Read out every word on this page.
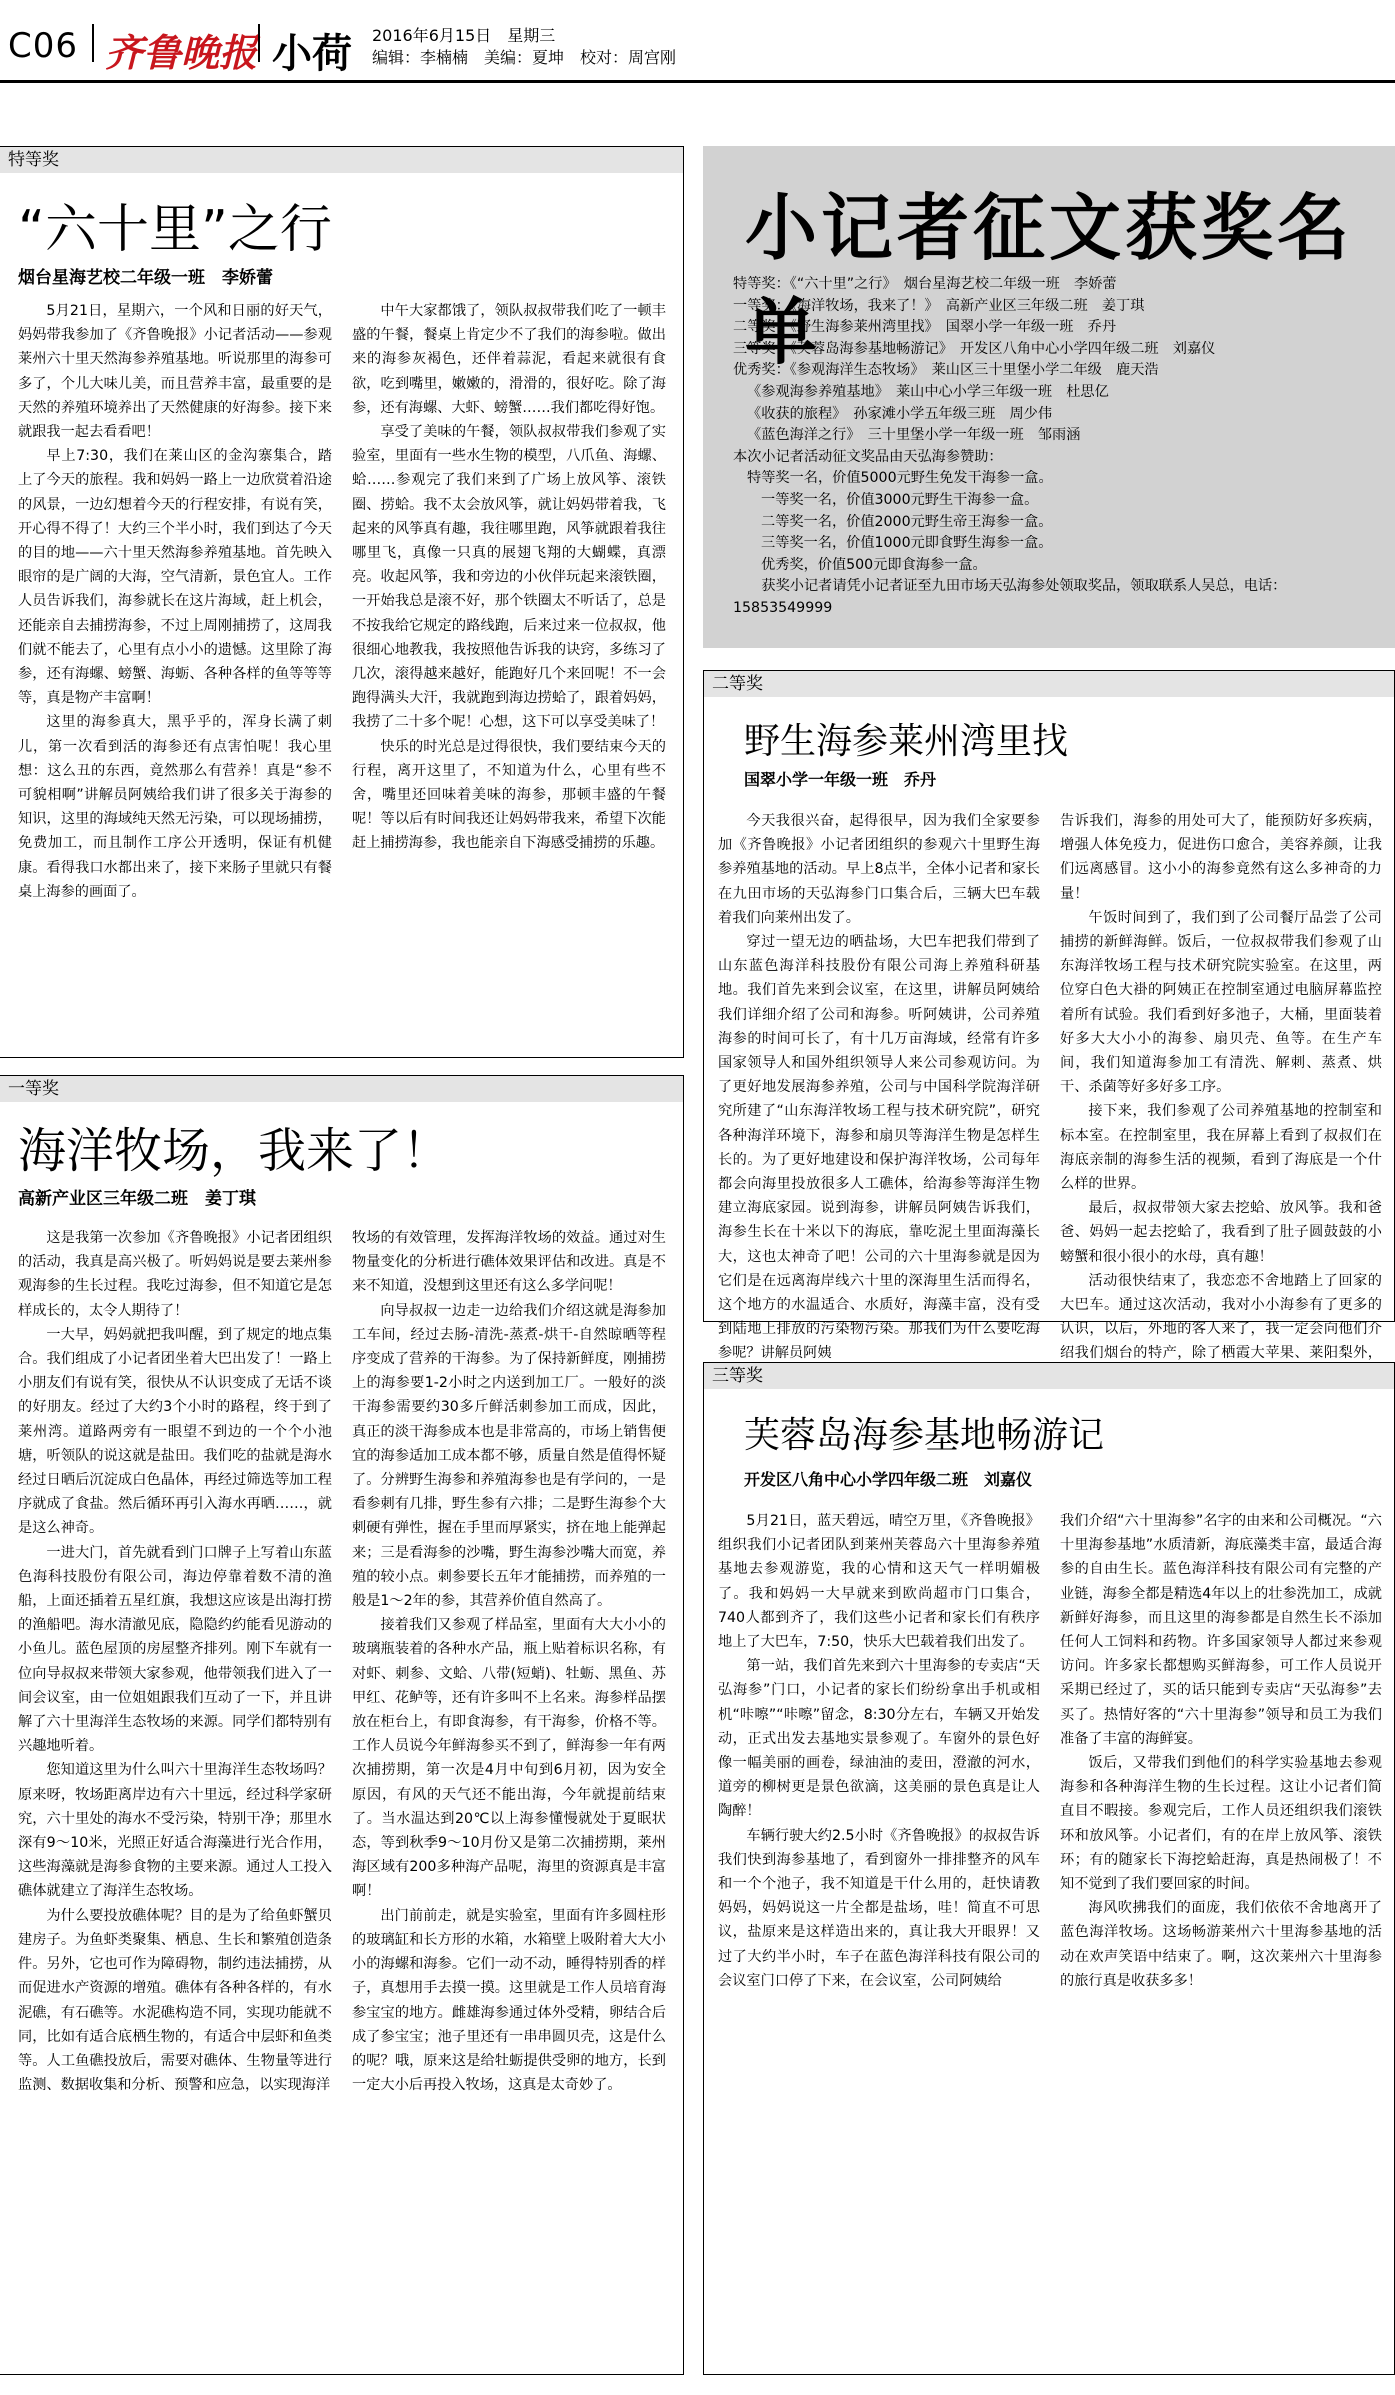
C06 齐鲁晚报 小荷 2016年6月15日　星期三
编辑：李楠楠　美编：夏坤　校对：周宫刚
特等奖
“六十里”之行
烟台星海艺校二年级一班　李娇蕾

5月21日，星期六，一个风和日丽的好天气，妈妈带我参加了《齐鲁晚报》小记者活动——参观莱州六十里天然海参养殖基地。听说那里的海参可多了，个儿大味儿美，而且营养丰富，最重要的是天然的养殖环境养出了天然健康的好海参。接下来就跟我一起去看看吧！

早上7:30，我们在莱山区的金沟寨集合，踏上了今天的旅程。我和妈妈一路上一边欣赏着沿途的风景，一边幻想着今天的行程安排，有说有笑，开心得不得了！大约三个半小时，我们到达了今天的目的地——六十里天然海参养殖基地。首先映入眼帘的是广阔的大海，空气清新，景色宜人。工作人员告诉我们，海参就长在这片海域，赶上机会，还能亲自去捕捞海参，不过上周刚捕捞了，这周我们就不能去了，心里有点小小的遗憾。这里除了海参，还有海螺、螃蟹、海蛎、各种各样的鱼等等等等，真是物产丰富啊！

这里的海参真大，黑乎乎的，浑身长满了刺儿，第一次看到活的海参还有点害怕呢！我心里想：这么丑的东西，竟然那么有营养！真是“参不可貌相啊”讲解员阿姨给我们讲了很多关于海参的知识，这里的海域纯天然无污染，可以现场捕捞，免费加工，而且制作工序公开透明，保证有机健康。看得我口水都出来了，接下来肠子里就只有餐桌上海参的画面了。

中午大家都饿了，领队叔叔带我们吃了一顿丰盛的午餐，餐桌上肯定少不了我们的海参啦。做出来的海参灰褐色，还伴着蒜泥，看起来就很有食欲，吃到嘴里，嫩嫩的，滑滑的，很好吃。除了海参，还有海螺、大虾、螃蟹……我们都吃得好饱。

享受了美味的午餐，领队叔叔带我们参观了实验室，里面有一些水生物的模型，八爪鱼、海螺、蛤……参观完了我们来到了广场上放风筝、滚铁圈、捞蛤。我不太会放风筝，就让妈妈带着我，飞起来的风筝真有趣，我往哪里跑，风筝就跟着我往哪里飞，真像一只真的展翅飞翔的大蝴蝶，真漂亮。收起风筝，我和旁边的小伙伴玩起来滚铁圈，一开始我总是滚不好，那个铁圈太不听话了，总是不按我给它规定的路线跑，后来过来一位叔叔，他很细心地教我，我按照他告诉我的诀窍，多练习了几次，滚得越来越好，能跑好几个来回呢！不一会跑得满头大汗，我就跑到海边捞蛤了，跟着妈妈，我捞了二十多个呢！心想，这下可以享受美味了！

快乐的时光总是过得很快，我们要结束今天的行程，离开这里了，不知道为什么，心里有些不舍，嘴里还回味着美味的海参，那顿丰盛的午餐呢！等以后有时间我还让妈妈带我来，希望下次能赶上捕捞海参，我也能亲自下海感受捕捞的乐趣。

一等奖
海洋牧场，我来了！
高新产业区三年级二班　姜丁琪

这是我第一次参加《齐鲁晚报》小记者团组织的活动，我真是高兴极了。听妈妈说是要去莱州参观海参的生长过程。我吃过海参，但不知道它是怎样成长的，太令人期待了！

一大早，妈妈就把我叫醒，到了规定的地点集合。我们组成了小记者团坐着大巴出发了！一路上小朋友们有说有笑，很快从不认识变成了无话不谈的好朋友。经过了大约3个小时的路程，终于到了莱州湾。道路两旁有一眼望不到边的一个个小池塘，听领队的说这就是盐田。我们吃的盐就是海水经过日晒后沉淀成白色晶体，再经过筛选等加工程序就成了食盐。然后循环再引入海水再晒……，就是这么神奇。

一进大门，首先就看到门口牌子上写着山东蓝色海科技股份有限公司，海边停靠着数不清的渔船，上面还插着五星红旗，我想这应该是出海打捞的渔船吧。海水清澈见底，隐隐约约能看见游动的小鱼儿。蓝色屋顶的房屋整齐排列。刚下车就有一位向导叔叔来带领大家参观，他带领我们进入了一间会议室，由一位姐姐跟我们互动了一下，并且讲解了六十里海洋生态牧场的来源。同学们都特别有兴趣地听着。

您知道这里为什么叫六十里海洋生态牧场吗？原来呀，牧场距离岸边有六十里远，经过科学家研究，六十里处的海水不受污染，特别干净；那里水深有9～10米，光照正好适合海藻进行光合作用，这些海藻就是海参食物的主要来源。通过人工投入礁体就建立了海洋生态牧场。

为什么要投放礁体呢？目的是为了给鱼虾蟹贝建房子。为鱼虾类聚集、栖息、生长和繁殖创造条件。另外，它也可作为障碍物，制约违法捕捞，从而促进水产资源的增殖。礁体有各种各样的，有水泥礁，有石礁等。水泥礁构造不同，实现功能就不同，比如有适合底栖生物的，有适合中层虾和鱼类等。人工鱼礁投放后，需要对礁体、生物量等进行监测、数据收集和分析、预警和应急，以实现海洋

牧场的有效管理，发挥海洋牧场的效益。通过对生物量变化的分析进行礁体效果评估和改进。真是不来不知道，没想到这里还有这么多学问呢！

向导叔叔一边走一边给我们介绍这就是海参加工车间，经过去肠-清洗-蒸煮-烘干-自然晾晒等程序变成了营养的干海参。为了保持新鲜度，刚捕捞上的海参要1-2小时之内送到加工厂。一般好的淡干海参需要约30多斤鲜活刺参加工而成，因此，真正的淡干海参成本也是非常高的，市场上销售便宜的海参适加工成本都不够，质量自然是值得怀疑了。分辨野生海参和养殖海参也是有学问的，一是看参刺有几排，野生参有六排；二是野生海参个大刺硬有弹性，握在手里而厚紧实，挤在地上能弹起来；三是看海参的沙嘴，野生海参沙嘴大而宽，养殖的较小点。刺参要长五年才能捕捞，而养殖的一般是1～2年的参，其营养价值自然高了。

接着我们又参观了样品室，里面有大大小小的玻璃瓶装着的各种水产品，瓶上贴着标识名称，有对虾、刺参、文蛤、八带(短蛸)、牡蛎、黑鱼、苏甲红、花鲈等，还有许多叫不上名来。海参样品摆放在柜台上，有即食海参，有干海参，价格不等。工作人员说今年鲜海参买不到了，鲜海参一年有两次捕捞期，第一次是4月中旬到6月初，因为安全原因，有风的天气还不能出海，今年就提前结束了。当水温达到20℃以上海参懂慢就处于夏眠状态，等到秋季9～10月份又是第二次捕捞期，莱州海区域有200多种海产品呢，海里的资源真是丰富啊！

出门前前走，就是实验室，里面有许多圆柱形的玻璃缸和长方形的水箱，水箱壁上吸附着大大小小的海螺和海参。它们一动不动，睡得特别香的样子，真想用手去摸一摸。这里就是工作人员培育海参宝宝的地方。雌雄海参通过体外受精，卵结合后成了参宝宝；池子里还有一串串圆贝壳，这是什么的呢？哦，原来这是给牡蛎提供受卵的地方，长到一定大小后再投入牧场，这真是太奇妙了。

小记者征文获奖名单
特等奖：《“六十里”之行》　烟台星海艺校二年级一班　李娇蕾
一等奖：《海洋牧场，我来了！》　高新产业区三年级二班　姜丁琪
二等奖：《野生海参莱州湾里找》　国翠小学一年级一班　乔丹
三等奖：《芙蓉岛海参基地畅游记》　开发区八角中心小学四年级二班　刘嘉仪
优秀奖：《参观海洋生态牧场》　莱山区三十里堡小学二年级　鹿天浩
《参观海参养殖基地》　莱山中心小学三年级一班　杜思亿
《收获的旅程》　孙家滩小学五年级三班　周少伟
《蓝色海洋之行》　三十里堡小学一年级一班　邹雨涵
本次小记者活动征文奖品由天弘海参赞助：
特等奖一名，价值5000元野生免发干海参一盒。
一等奖一名，价值3000元野生干海参一盒。
二等奖一名，价值2000元野生帝王海参一盒。
三等奖一名，价值1000元即食野生海参一盒。
优秀奖，价值500元即食海参一盒。
获奖小记者请凭小记者证至九田市场天弘海参处领取奖品，领取联系人吴总，电话：15853549999
二等奖
野生海参莱州湾里找
国翠小学一年级一班　乔丹

今天我很兴奋，起得很早，因为我们全家要参加《齐鲁晚报》小记者团组织的参观六十里野生海参养殖基地的活动。早上8点半，全体小记者和家长在九田市场的天弘海参门口集合后，三辆大巴车载着我们向莱州出发了。

穿过一望无边的晒盐场，大巴车把我们带到了山东蓝色海洋科技股份有限公司海上养殖科研基地。我们首先来到会议室，在这里，讲解员阿姨给我们详细介绍了公司和海参。听阿姨讲，公司养殖海参的时间可长了，有十几万亩海域，经常有许多国家领导人和国外组织领导人来公司参观访问。为了更好地发展海参养殖，公司与中国科学院海洋研究所建了“山东海洋牧场工程与技术研究院”，研究各种海洋环境下，海参和扇贝等海洋生物是怎样生长的。为了更好地建设和保护海洋牧场，公司每年都会向海里投放很多人工礁体，给海参等海洋生物建立海底家园。说到海参，讲解员阿姨告诉我们，海参生长在十米以下的海底，靠吃泥土里面海藻长大，这也太神奇了吧！公司的六十里海参就是因为它们是在远离海岸线六十里的深海里生活而得名，这个地方的水温适合、水质好，海藻丰富，没有受到陆地上排放的污染物污染。那我们为什么要吃海参呢？讲解员阿姨

告诉我们，海参的用处可大了，能预防好多疾病，增强人体免疫力，促进伤口愈合，美容养颜，让我们远离感冒。这小小的海参竟然有这么多神奇的力量！

午饭时间到了，我们到了公司餐厅品尝了公司捕捞的新鲜海鲜。饭后，一位叔叔带我们参观了山东海洋牧场工程与技术研究院实验室。在这里，两位穿白色大褂的阿姨正在控制室通过电脑屏幕监控着所有试验。我们看到好多池子，大桶，里面装着好多大大小小的海参、扇贝壳、鱼等。在生产车间，我们知道海参加工有清洗、解刺、蒸煮、烘干、杀菌等好多好多工序。

接下来，我们参观了公司养殖基地的控制室和标本室。在控制室里，我在屏幕上看到了叔叔们在海底亲制的海参生活的视频，看到了海底是一个什么样的世界。

最后，叔叔带领大家去挖蛤、放风筝。我和爸爸、妈妈一起去挖蛤了，我看到了肚子圆鼓鼓的小螃蟹和很小很小的水母，真有趣！

活动很快结束了，我恋恋不舍地踏上了回家的大巴车。通过这次活动，我对小小海参有了更多的认识，以后，外地的客人来了，我一定会向他们介绍我们烟台的特产，除了栖霞大苹果、莱阳梨外，

三等奖
芙蓉岛海参基地畅游记
开发区八角中心小学四年级二班　刘嘉仪

5月21日，蓝天碧远，晴空万里，《齐鲁晚报》组织我们小记者团队到莱州芙蓉岛六十里海参养殖基地去参观游览，我的心情和这天气一样明媚极了。我和妈妈一大早就来到欧尚超市门口集合，740人都到齐了，我们这些小记者和家长们有秩序地上了大巴车，7:50，快乐大巴载着我们出发了。

第一站，我们首先来到六十里海参的专卖店“天弘海参”门口，小记者的家长们纷纷拿出手机或相机“咔嚓”“咔嚓”留念，8:30分左右，车辆又开始发动，正式出发去基地实景参观了。车窗外的景色好像一幅美丽的画卷，绿油油的麦田，澄澈的河水，道旁的柳树更是景色欲滴，这美丽的景色真是让人陶醉！

车辆行驶大约2.5小时《齐鲁晚报》的叔叔告诉我们快到海参基地了，看到窗外一排排整齐的风车和一个个池子，我不知道是干什么用的，赶快请教妈妈，妈妈说这一片全都是盐场，哇！简直不可思议，盐原来是这样造出来的，真让我大开眼界！又过了大约半小时，车子在蓝色海洋科技有限公司的会议室门口停了下来，在会议室，公司阿姨给

我们介绍“六十里海参”名字的由来和公司概况。“六十里海参基地”水质清新，海底藻类丰富，最适合海参的自由生长。蓝色海洋科技有限公司有完整的产业链，海参全都是精选4年以上的壮参洗加工，成就新鲜好海参，而且这里的海参都是自然生长不添加任何人工饲料和药物。许多国家领导人都过来参观访问。许多家长都想购买鲜海参，可工作人员说开采期已经过了，买的话只能到专卖店“天弘海参”去买了。热情好客的“六十里海参”领导和员工为我们准备了丰富的海鲜宴。

饭后，又带我们到他们的科学实验基地去参观海参和各种海洋生物的生长过程。这让小记者们简直目不暇接。参观完后，工作人员还组织我们滚铁环和放风筝。小记者们，有的在岸上放风筝、滚铁环；有的随家长下海挖蛤赶海，真是热闹极了！不知不觉到了我们要回家的时间。

海风吹拂我们的面庞，我们依依不舍地离开了蓝色海洋牧场。这场畅游莱州六十里海参基地的活动在欢声笑语中结束了。啊，这次莱州六十里海参的旅行真是收获多多！
